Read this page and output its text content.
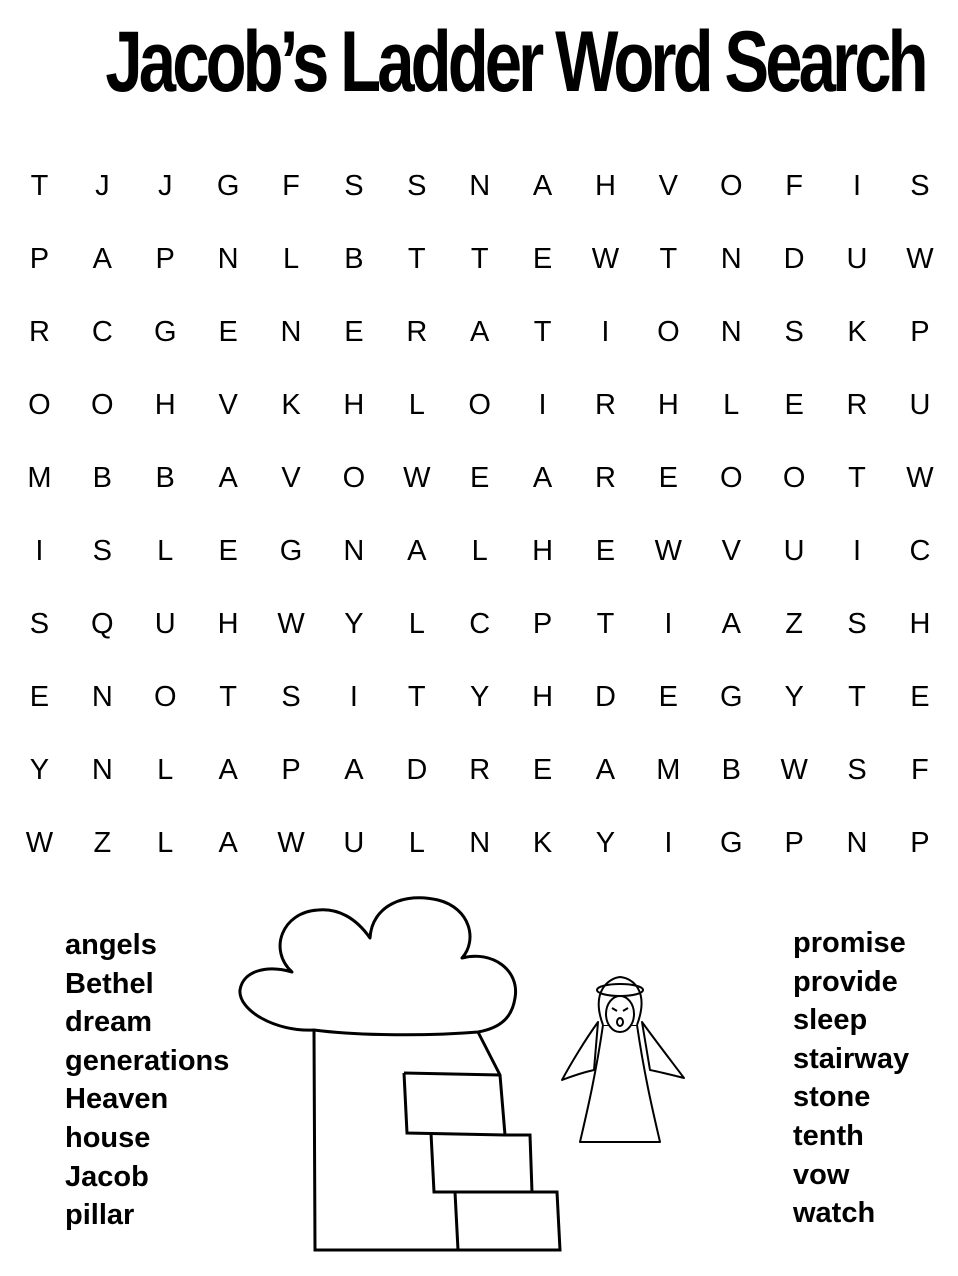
Jacob’s Ladder Word Search
T	J	J	G	F	S	S	N	A	H	V	O	F	I	S
P	A	P	N	L	B	T	T	E	W	T	N	D	U	W
R	C	G	E	N	E	R	A	T	I	O	N	S	K	P
O	O	H	V	K	H	L	O	I	R	H	L	E	R	U
M	B	B	A	V	O	W	E	A	R	E	O	O	T	W
I	S	L	E	G	N	A	L	H	E	W	V	U	I	C
S	Q	U	H	W	Y	L	C	P	T	I	A	Z	S	H
E	N	O	T	S	I	T	Y	H	D	E	G	Y	T	E
Y	N	L	A	P	A	D	R	E	A	M	B	W	S	F
W	Z	L	A	W	U	L	N	K	Y	I	G	P	N	P
angels
Bethel
dream
generations
Heaven
house
Jacob
pillar
promise
provide
sleep
stairway
stone
tenth
vow
watch
